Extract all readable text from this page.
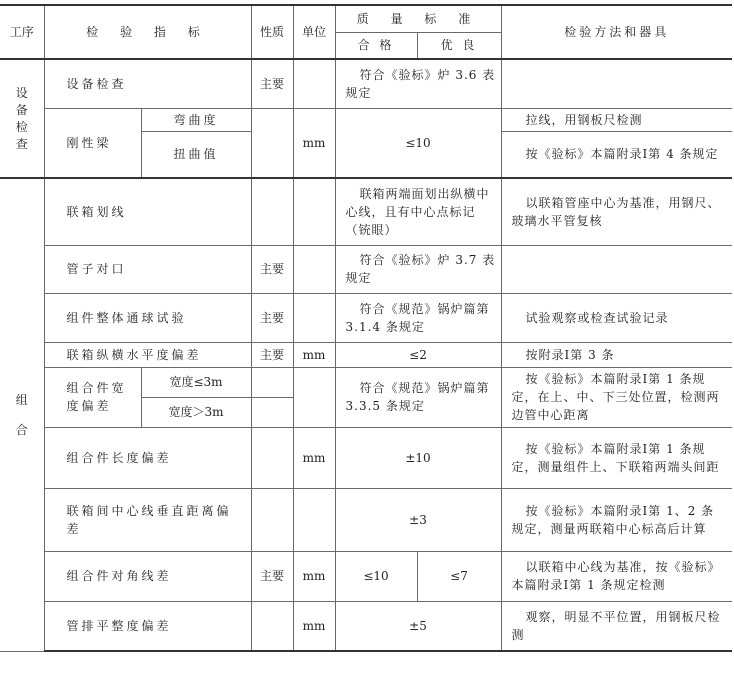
工序	检 验 指 标		性质	单位	质 量 标 准		检验方法和器具
					合 格	优 良	
设备检查	设备检查		主要		符合《验标》炉 3.6 表规定		
	刚性梁	弯曲度		mm	≤10		拉线，用钢板尺检测
		扭曲值					按《验标》本篇附录Ⅰ第 4 条规定
组合	联箱划线				联箱两端面划出纵横中心线，且有中心点标记（铳眼）		以联箱管座中心为基准，用钢尺、玻璃水平管复核
	管子对口		主要		符合《验标》炉 3.7 表规定		
	组件整体通球试验		主要		符合《规范》锅炉篇第 3.1.4 条规定		试验观察或检查试验记录
	联箱纵横水平度偏差		主要	mm	≤2		按附录Ⅰ第 3 条
	组合件宽度偏差	宽度≤3m			符合《规范》锅炉篇第 3.3.5 条规定		按《验标》本篇附录Ⅰ第 1 条规定，在上、中、下三处位置，检测两边管中心距离
		宽度＞3m					
	组合件长度偏差			mm	±10		按《验标》本篇附录Ⅰ第 1 条规定，测量组件上、下联箱两端头间距
	联箱间中心线垂直距离偏差				±3		按《验标》本篇附录Ⅰ第 1、2 条规定，测量两联箱中心标高后计算
	组合件对角线差		主要	mm	≤10	≤7	以联箱中心线为基准，按《验标》本篇附录Ⅰ第 1 条规定检测
	管排平整度偏差			mm	±5		观察，明显不平位置，用钢板尺检测
